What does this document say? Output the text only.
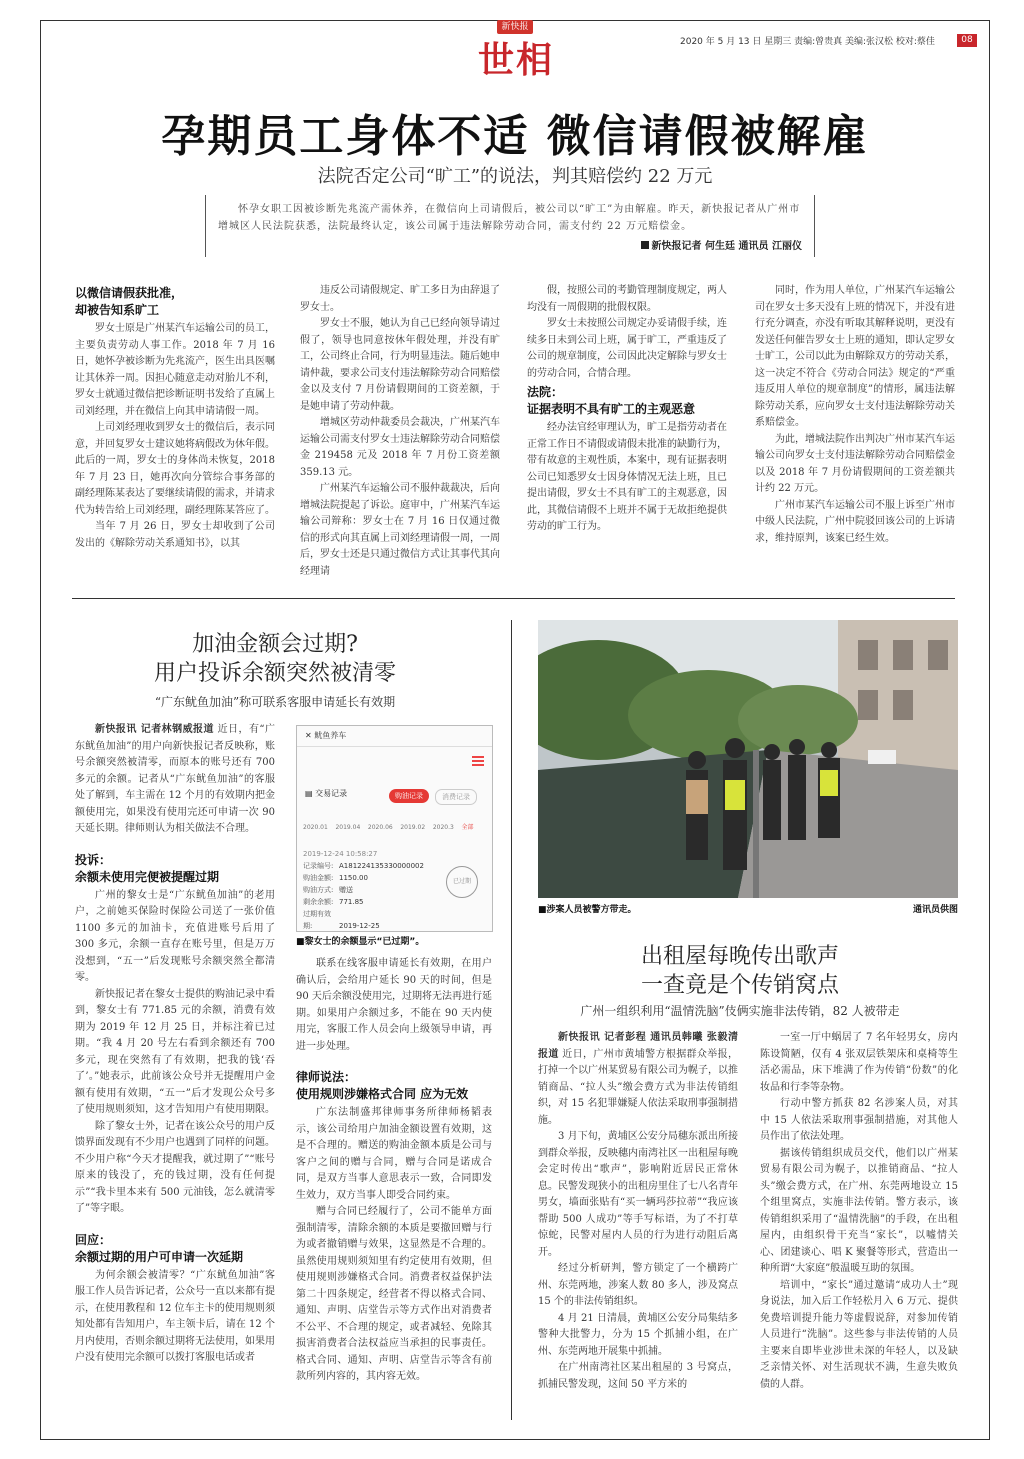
新快报
世相	2020 年 5 月 13 日 星期三 责编:曾贵真 美编:张汉松 校对:蔡佳	08
孕期员工身体不适 微信请假被解雇
法院否定公司“旷工”的说法，判其赔偿约 22 万元
怀孕女职工因被诊断先兆流产需休养，在微信向上司请假后，被公司以“旷工”为由解雇。昨天，新快报记者从广州市增城区人民法院获悉，法院最终认定，该公司属于违法解除劳动合同，需支付约 22 万元赔偿金。
新快报记者 何生廷 通讯员 江丽仪
以微信请假获批准，
却被告知系旷工

罗女士原是广州某汽车运输公司的员工，主要负责劳动人事工作。2018 年 7 月 16 日，她怀孕被诊断为先兆流产，医生出具医嘱让其休养一周。因担心随意走动对胎儿不利，罗女士就通过微信把诊断证明书发给了直属上司刘经理，并在微信上向其申请请假一周。

上司刘经理收到罗女士的微信后，表示同意，并回复罗女士建议她将病假改为休年假。此后的一周，罗女士的身体尚未恢复，2018 年 7 月 23 日，她再次向分管综合事务部的副经理陈某表达了要继续请假的需求，并请求代为转告给上司刘经理，副经理陈某答应了。

当年 7 月 26 日，罗女士却收到了公司发出的《解除劳动关系通知书》，以其

违反公司请假规定、旷工多日为由辞退了罗女士。

罗女士不服，她认为自己已经向领导请过假了，领导也同意按休年假处理，并没有旷工，公司终止合同，行为明显违法。随后她申请仲裁，要求公司支付违法解除劳动合同赔偿金以及支付 7 月份请假期间的工资差额，于是她申请了劳动仲裁。

增城区劳动仲裁委员会裁决，广州某汽车运输公司需支付罗女士违法解除劳动合同赔偿金 219458 元及 2018 年 7 月份工资差额 359.13 元。

广州某汽车运输公司不服仲裁裁决，后向增城法院提起了诉讼。庭审中，广州某汽车运输公司辩称：罗女士在 7 月 16 日仅通过微信的形式向其直属上司刘经理请假一周，一周后，罗女士还是只通过微信方式让其事代其向经理请

假，按照公司的考勤管理制度规定，两人均没有一周假期的批假权限。

罗女士未按照公司规定办妥请假手续，连续多日未到公司上班，属于旷工，严重违反了公司的规章制度，公司因此决定解除与罗女士的劳动合同，合情合理。

法院：
证据表明不具有旷工的主观恶意

经办法官经审理认为，旷工是指劳动者在正常工作日不请假或请假未批准的缺勤行为，带有故意的主观性质，本案中，现有证据表明公司已知悉罗女士因身体情况无法上班，且已提出请假，罗女士不具有旷工的主观恶意，因此，其微信请假不上班并不属于无故拒绝提供劳动的旷工行为。

同时，作为用人单位，广州某汽车运输公司在罗女士多天没有上班的情况下，并没有进行充分调查，亦没有听取其解释说明，更没有发送任何催告罗女士上班的通知，即认定罗女士旷工，公司以此为由解除双方的劳动关系，这一决定不符合《劳动合同法》规定的“严重违反用人单位的规章制度”的情形，属违法解除劳动关系，应向罗女士支付违法解除劳动关系赔偿金。

为此，增城法院作出判决广州市某汽车运输公司向罗女士支付违法解除劳动合同赔偿金以及 2018 年 7 月份请假期间的工资差额共计约 22 万元。

广州市某汽车运输公司不服上诉至广州市中级人民法院，广州中院驳回该公司的上诉请求，维持原判，该案已经生效。

加油金额会过期?
用户投诉余额突然被清零
“广东鱿鱼加油”称可联系客服申请延长有效期

新快报讯 记者林钢威报道 近日，有“广东鱿鱼加油”的用户向新快报记者反映称，账号余额突然被清零，而原本的账号还有 700 多元的余额。记者从“广东鱿鱼加油”的客服处了解到，车主需在 12 个月的有效期内把金额使用完，如果没有使用完还可申请一次 90 天延长期。律师则认为相关做法不合理。

投诉：
余额未使用完便被提醒过期

广州的黎女士是“广东鱿鱼加油”的老用户，之前她买保险时保险公司送了一张价值 1100 多元的加油卡，充值进账号后用了 300 多元，余额一直存在账号里，但是万万没想到，“五一”后发现账号余额突然全都清零。

新快报记者在黎女士提供的购油记录中看到，黎女士有 771.85 元的余额，消费有效期为 2019 年 12 月 25 日，并标注着已过期。“我 4 月 20 号左右看到余额还有 700 多元，现在突然有了有效期，把我的钱‘吞了’。”她表示，此前该公众号并无提醒用户金额有使用有效期，“五一”后才发现公众号多了使用规则须知，这才告知用户有使用期限。

除了黎女士外，记者在该公众号的用户反馈界面发现有不少用户也遇到了同样的问题。不少用户称“今天才提醒我，就过期了”“账号原来的钱没了，充的钱过期，没有任何提示”“我卡里本来有 500 元油钱，怎么就清零了”等字眼。

回应：
余额过期的用户可申请一次延期

为何余额会被清零？“广东鱿鱼加油”客服工作人员告诉记者，公众号一直以来都有提示，在使用教程和 12 位车主卡的使用规则须知处都有告知用户，车主领卡后，请在 12 个月内使用，否则余额过期将无法使用，如果用户没有使用完余额可以拨打客服电话或者

✕ 鱿鱼养车
▤ 交易记录	购油记录	消费记录
2020.01 2019.04 2020.06 2019.02 2020.3 全部
2019-12-24 10:58:27
记录编号: A181224135330000002
购油金额: 1150.00
购油方式: 赠送
剩余余额: 771.85
过期有效期:	2019-12-25
已过期
■黎女士的余额显示“已过期”。

联系在线客服申请延长有效期，在用户确认后，会给用户延长 90 天的时间，但是 90 天后余额没使用完，过期将无法再进行延期。如果用户余额过多，不能在 90 天内使用完，客服工作人员会向上级领导申请，再进一步处理。

律师说法：
使用规则涉嫌格式合同 应为无效

广东法制盛邦律师事务所律师杨韬表示，该公司给用户加油金额设置有效期，这是不合理的。赠送的购油金额本质是公司与客户之间的赠与合同，赠与合同是诺成合同，是双方当事人意思表示一致，合同即发生效力，双方当事人即受合同约束。

赠与合同已经履行了，公司不能单方面强制清零，清除余额的本质是要撤回赠与行为或者撤销赠与效果，这显然是不合理的。虽然使用规则须知里有约定使用有效期，但使用规则涉嫌格式合同。消费者权益保护法第二十四条规定，经营者不得以格式合同、通知、声明、店堂告示等方式作出对消费者不公平、不合理的规定，或者减轻、免除其损害消费者合法权益应当承担的民事责任。格式合同、通知、声明、店堂告示等含有前款所列内容的，其内容无效。

■涉案人员被警方带走。	通讯员供图
出租屋每晚传出歌声
一查竟是个传销窝点
广州一组织利用“温情洗脑”伎俩实施非法传销，82 人被带走

新快报讯 记者彭程 通讯员韩曦 张毅清报道 近日，广州市黄埔警方根据群众举报，打掉一个以广州某贸易有限公司为幌子，以推销商品、“拉人头”缴会费方式为非法传销组织，对 15 名犯罪嫌疑人依法采取刑事强制措施。

3 月下旬，黄埔区公安分局穗东派出所接到群众举报，反映穗内南湾社区一出租屋每晚会定时传出“歌声”，影响附近居民正常休息。民警发现狭小的出租房里住了七八名青年男女，墙面张贴有“买一辆玛莎拉蒂”“我应该帮助 500 人成功”等手写标语，为了不打草惊蛇，民警对屋内人员的行为进行动阻后离开。

经过分析研判，警方锁定了一个横跨广州、东莞两地，涉案人数 80 多人，涉及窝点 15 个的非法传销组织。

4 月 21 日清晨，黄埔区公安分局集结多警种大批警力，分为 15 个抓捕小组，在广州、东莞两地开展集中抓捕。

在广州南湾社区某出租屋的 3 号窝点，抓捕民警发现，这间 50 平方米的

一室一厅中蜗居了 7 名年轻男女，房内陈设简陋，仅有 4 张双层铁架床和桌椅等生活必需品，床下堆满了作为传销“份数”的化妆品和行李等杂物。

行动中警方抓获 82 名涉案人员，对其中 15 人依法采取刑事强制措施，对其他人员作出了依法处理。

据该传销组织成员交代，他们以广州某贸易有限公司为幌子，以推销商品、“拉人头”缴会费方式，在广州、东莞两地设立 15 个组里窝点，实施非法传销。警方表示，该传销组织采用了“温情洗脑”的手段，在出租屋内，由组织骨干充当“家长”，以嘘情关心、团建谈心、唱 K 聚餐等形式，营造出一种所谓“大家庭”般温暖互助的氛围。

培训中，“家长”通过邀请“成功人士”现身说法，加入后工作轻松月入 6 万元、提供免费培训提升能力等虚假说辞，对参加传销人员进行“洗脑”。这些参与非法传销的人员主要来自即毕业涉世未深的年轻人，以及缺乏亲情关怀、对生活现状不满，生意失败负债的人群。
